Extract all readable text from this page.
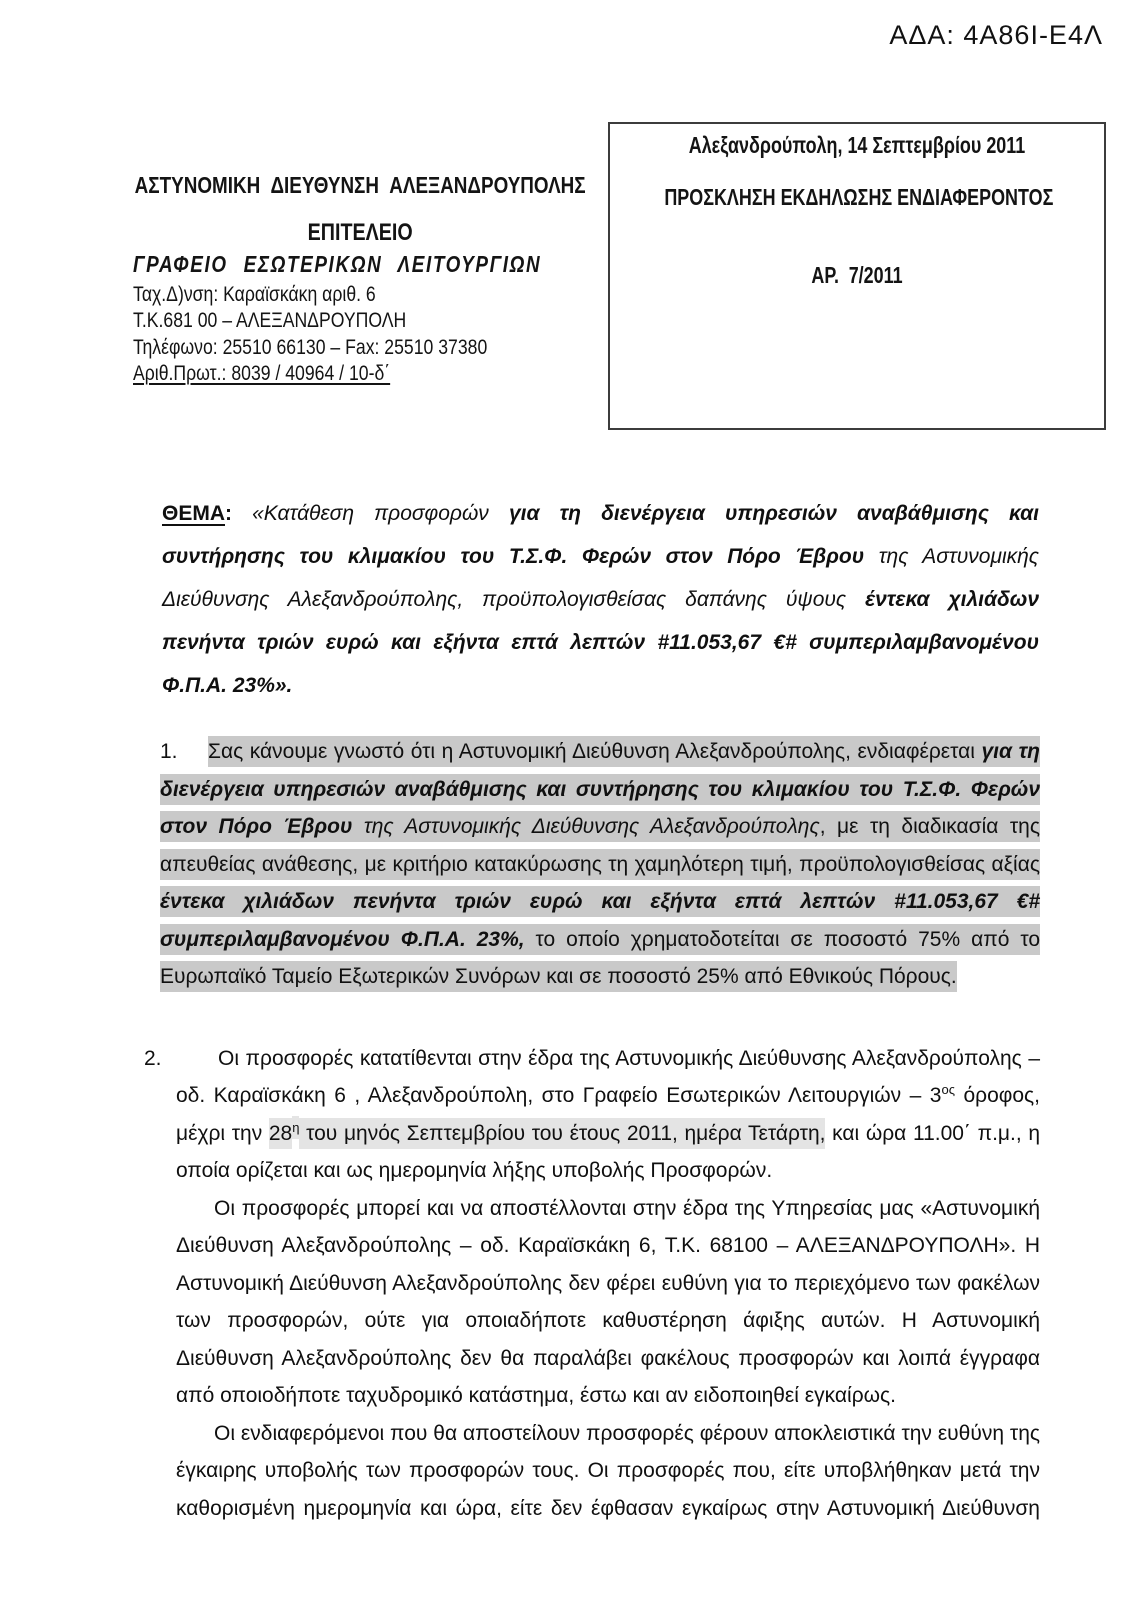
ΑΔΑ: 4Α86Ι-Ε4Λ
ΑΣΤΥΝΟΜΙΚΗ ΔΙΕΥΘΥΝΣΗ ΑΛΕΞΑΝΔΡΟΥΠΟΛΗΣ
ΕΠΙΤΕΛΕΙΟ
ΓΡΑΦΕΙΟ ΕΣΩΤΕΡΙΚΩΝ ΛΕΙΤΟΥΡΓΙΩΝ
Ταχ.Δ)νση: Καραϊσκάκη αριθ. 6
Τ.Κ.681 00 – ΑΛΕΞΑΝΔΡΟΥΠΟΛΗ
Τηλέφωνο: 25510 66130 – Fax: 25510 37380
Αριθ.Πρωτ.: 8039 / 40964 / 10-δ΄
Αλεξανδρούπολη, 14 Σεπτεμβρίου 2011
ΠΡΟΣΚΛΗΣΗ ΕΚΔΗΛΩΣΗΣ ΕΝΔΙΑΦΕΡΟΝΤΟΣ
ΑΡ. 7/2011

ΘΕΜΑ: «Κατάθεση προσφορών για τη διενέργεια υπηρεσιών αναβάθμισης και συντήρησης του κλιμακίου του Τ.Σ.Φ. Φερών στον Πόρο Έβρου της Αστυνομικής Διεύθυνσης Αλεξανδρούπολης, προϋπολογισθείσας δαπάνης ύψους έντεκα χιλιάδων πενήντα τριών ευρώ και εξήντα επτά λεπτών #11.053,67 €# συμπεριλαμβανομένου Φ.Π.Α. 23%».

1. Σας κάνουμε γνωστό ότι η Αστυνομική Διεύθυνση Αλεξανδρούπολης, ενδιαφέρεται για τη διενέργεια υπηρεσιών αναβάθμισης και συντήρησης του κλιμακίου του Τ.Σ.Φ. Φερών στον Πόρο Έβρου της Αστυνομικής Διεύθυνσης Αλεξανδρούπολης, με τη διαδικασία της απευθείας ανάθεσης, με κριτήριο κατακύρωσης τη χαμηλότερη τιμή, προϋπολογισθείσας αξίας έντεκα χιλιάδων πενήντα τριών ευρώ και εξήντα επτά λεπτών #11.053,67 €# συμπεριλαμβανομένου Φ.Π.Α. 23%, το οποίο χρηματοδοτείται σε ποσοστό 75% από το Ευρωπαϊκό Ταμείο Εξωτερικών Συνόρων και σε ποσοστό 25% από Εθνικούς Πόρους.

2.	Οι προσφορές κατατίθενται στην έδρα της Αστυνομικής Διεύθυνσης Αλεξανδρούπολης – οδ. Καραϊσκάκη 6 , Αλεξανδρούπολη, στο Γραφείο Εσωτερικών Λειτουργιών – $3^{o\varsigma}$ όροφος, μέχρι την $28^\eta$ του μηνός Σεπτεμβρίου του έτους 2011, ημέρα Τετάρτη, και ώρα 11.00΄ π.μ., η οποία ορίζεται και ως ημερομηνία λήξης υποβολής Προσφορών.

Οι προσφορές μπορεί και να αποστέλλονται στην έδρα της Υπηρεσίας μας «Αστυνομική Διεύθυνση Αλεξανδρούπολης – οδ. Καραϊσκάκη 6, Τ.Κ. 68100 – ΑΛΕΞΑΝΔΡΟΥΠΟΛΗ». Η Αστυνομική Διεύθυνση Αλεξανδρούπολης δεν φέρει ευθύνη για το περιεχόμενο των φακέλων των προσφορών, ούτε για οποιαδήποτε καθυστέρηση άφιξης αυτών. Η Αστυνομική Διεύθυνση Αλεξανδρούπολης δεν θα παραλάβει φακέλους προσφορών και λοιπά έγγραφα από οποιοδήποτε ταχυδρομικό κατάστημα, έστω και αν ειδοποιηθεί εγκαίρως.

Οι ενδιαφερόμενοι που θα αποστείλουν προσφορές φέρουν αποκλειστικά την ευθύνη της έγκαιρης υποβολής των προσφορών τους. Οι προσφορές που, είτε υποβλήθηκαν μετά την καθορισμένη ημερομηνία και ώρα, είτε δεν έφθασαν εγκαίρως στην Αστυνομική Διεύθυνση
